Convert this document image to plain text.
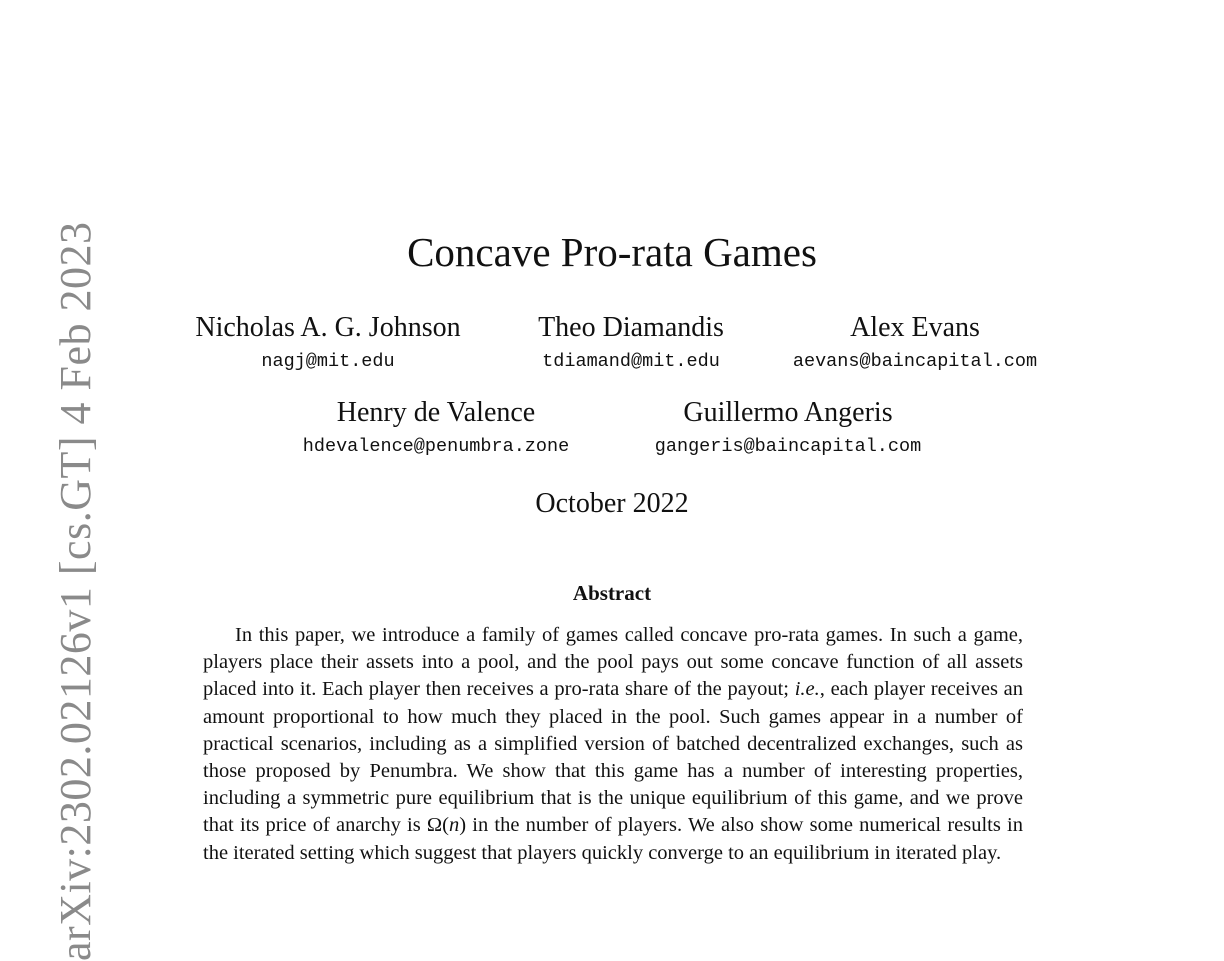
arXiv:2302.02126v1 [cs.GT] 4 Feb 2023	Concave Pro-rata Games
Nicholas A. G. Johnson
nagj@mit.edu
Theo Diamandis
tdiamand@mit.edu
Alex Evans
aevans@baincapital.com
Henry de Valence
hdevalence@penumbra.zone
Guillermo Angeris
gangeris@baincapital.com
October 2022
Abstract

In this paper, we introduce a family of games called concave pro-rata games. In such a game, players place their assets into a pool, and the pool pays out some concave function of all assets placed into it. Each player then receives a pro-rata share of the payout; i.e., each player receives an amount proportional to how much they placed in the pool. Such games appear in a number of practical scenarios, including as a simplified version of batched decentralized exchanges, such as those proposed by Penumbra. We show that this game has a number of interesting properties, including a symmetric pure equilibrium that is the unique equilibrium of this game, and we prove that its price of anarchy is Ω(n) in the number of players. We also show some numerical results in the iterated setting which suggest that players quickly converge to an equilibrium in iterated play.
